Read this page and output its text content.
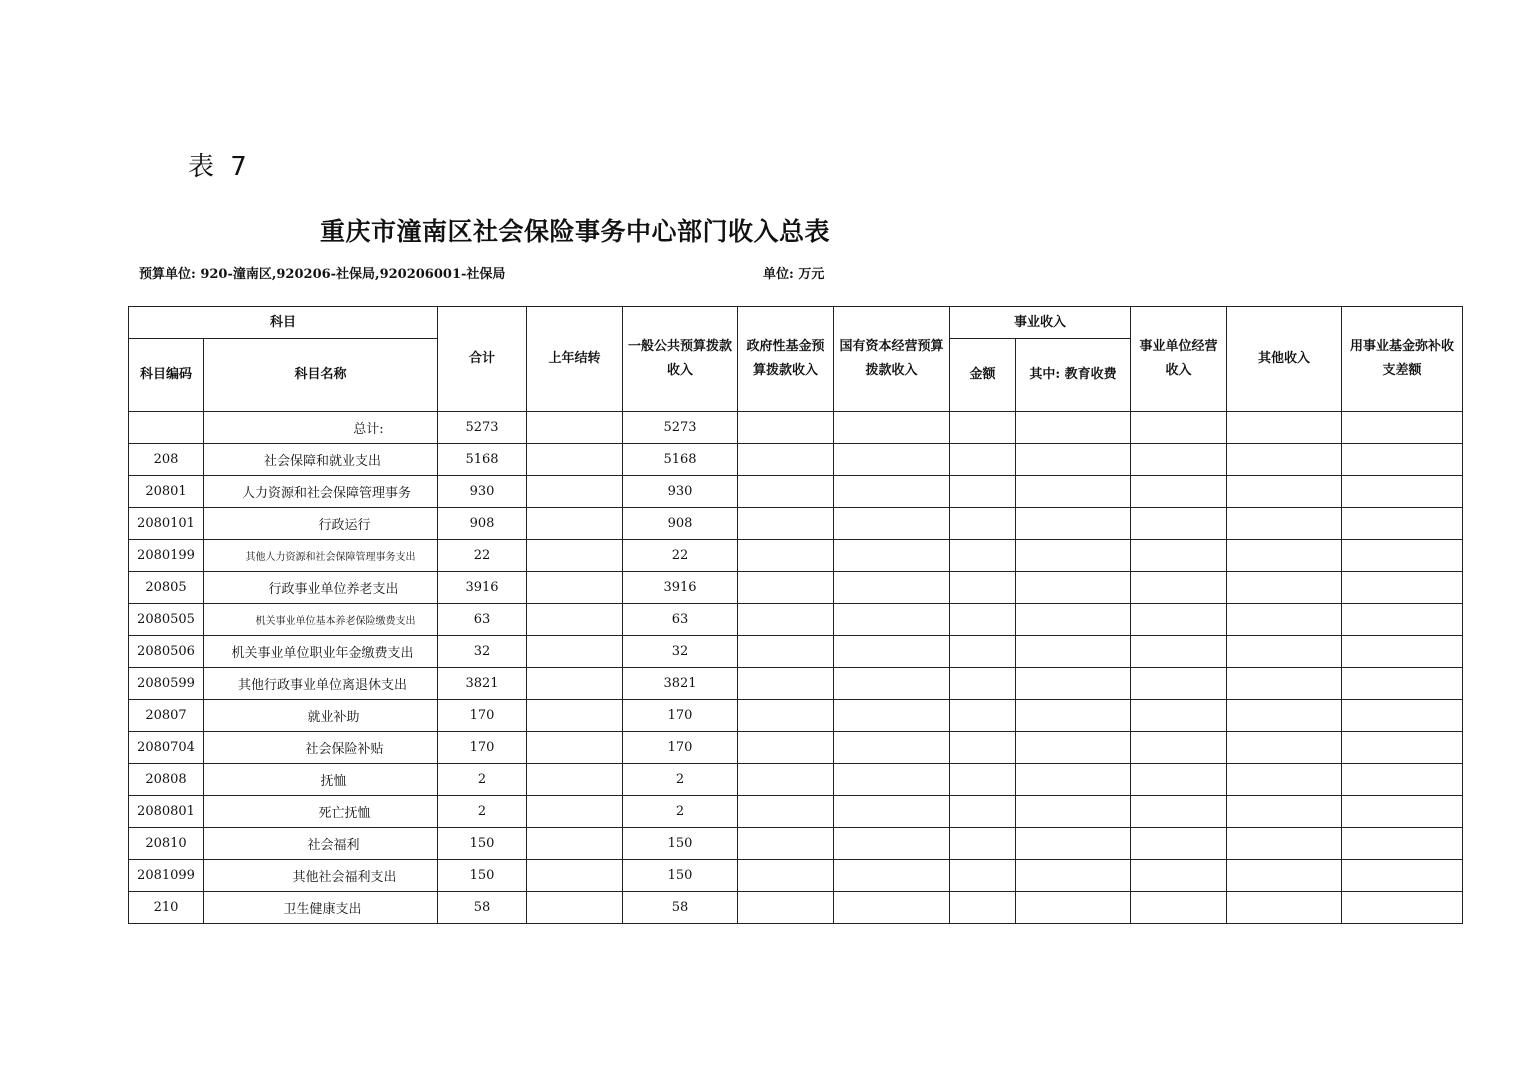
表 7
重庆市潼南区社会保险事务中心部门收入总表
预算单位: 920-潼南区,920206-社保局,920206001-社保局	单位: 万元
科目		合计	上年结转	一般公共预算拨款收入	政府性基金预算拨款收入	国有资本经营预算拨款收入	事业收入		事业单位经营收入	其他收入	用事业基金弥补收支差额
科目编码	科目名称						金额	其中: 教育收费			
	总计:	5273		5273							
208	社会保障和就业支出	5168		5168							
20801	人力资源和社会保障管理事务	930		930							
2080101	行政运行	908		908							
2080199	其他人力资源和社会保障管理事务支出	22		22							
20805	行政事业单位养老支出	3916		3916							
2080505	机关事业单位基本养老保险缴费支出	63		63							
2080506	机关事业单位职业年金缴费支出	32		32							
2080599	其他行政事业单位离退休支出	3821		3821							
20807	就业补助	170		170							
2080704	社会保险补贴	170		170							
20808	抚恤	2		2							
2080801	死亡抚恤	2		2							
20810	社会福利	150		150							
2081099	其他社会福利支出	150		150							
210	卫生健康支出	58		58							
